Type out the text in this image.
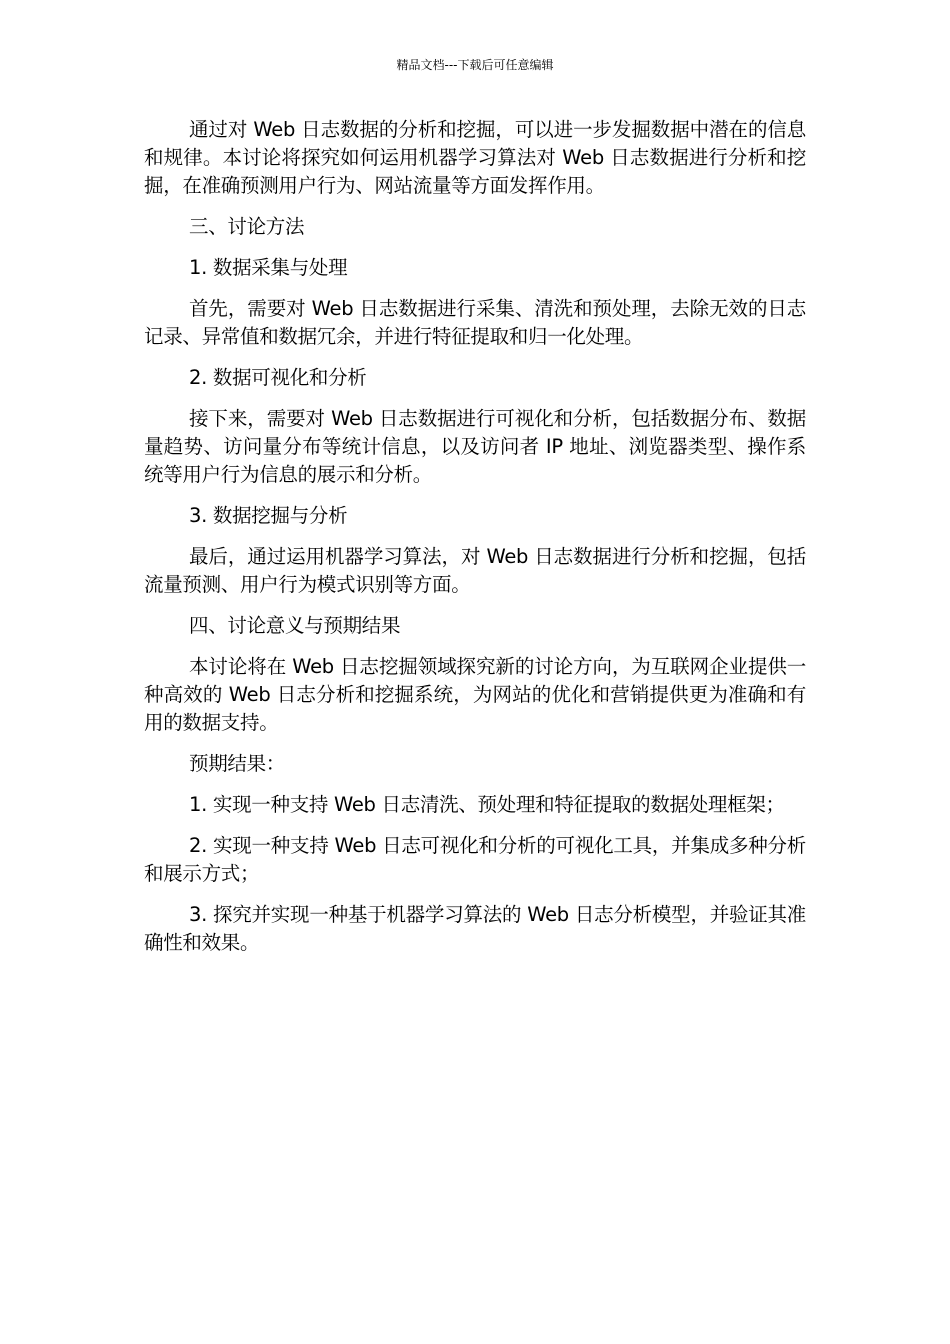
精品文档---下载后可任意编辑

通过对 Web 日志数据的分析和挖掘，可以进一步发掘数据中潜在的信息和规律。本讨论将探究如何运用机器学习算法对 Web 日志数据进行分析和挖掘，在准确预测用户行为、网站流量等方面发挥作用。

三、讨论方法

1. 数据采集与处理

首先，需要对 Web 日志数据进行采集、清洗和预处理，去除无效的日志记录、异常值和数据冗余，并进行特征提取和归一化处理。

2. 数据可视化和分析

接下来，需要对 Web 日志数据进行可视化和分析，包括数据分布、数据量趋势、访问量分布等统计信息，以及访问者 IP 地址、浏览器类型、操作系统等用户行为信息的展示和分析。

3. 数据挖掘与分析

最后，通过运用机器学习算法，对 Web 日志数据进行分析和挖掘，包括流量预测、用户行为模式识别等方面。

四、讨论意义与预期结果

本讨论将在 Web 日志挖掘领域探究新的讨论方向，为互联网企业提供一种高效的 Web 日志分析和挖掘系统，为网站的优化和营销提供更为准确和有用的数据支持。

预期结果：

1. 实现一种支持 Web 日志清洗、预处理和特征提取的数据处理框架；

2. 实现一种支持 Web 日志可视化和分析的可视化工具，并集成多种分析和展示方式；

3. 探究并实现一种基于机器学习算法的 Web 日志分析模型，并验证其准确性和效果。
